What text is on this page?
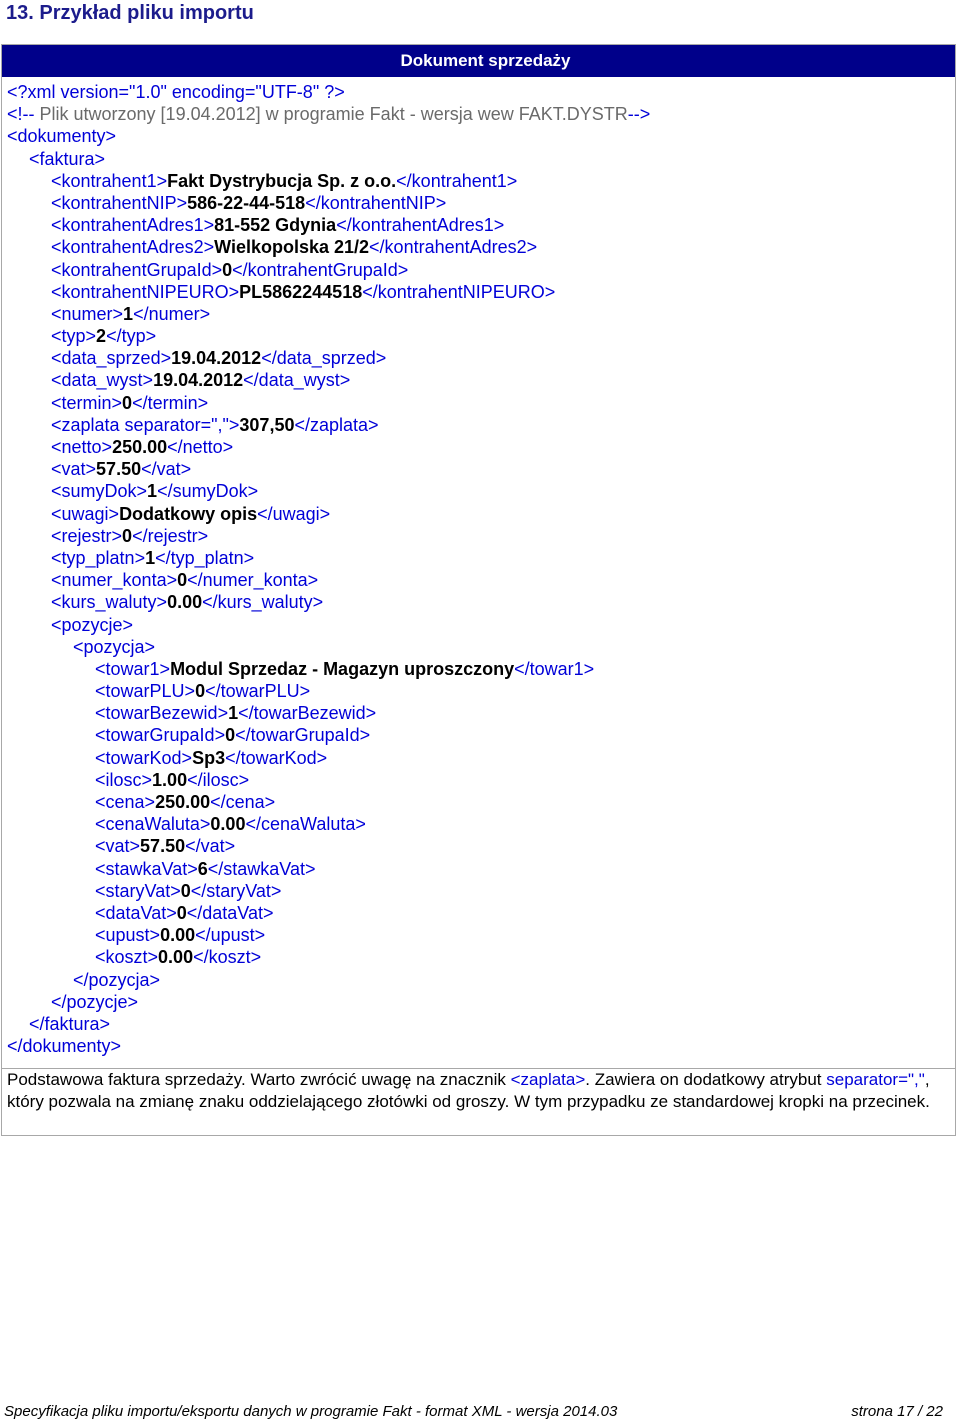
13. Przykład pliku importu
Dokument sprzedaży
<?xml version="1.0" encoding="UTF-8" ?>
<!-- Plik utworzony [19.04.2012] w programie Fakt - wersja wew FAKT.DYSTR-->
<dokumenty>
<faktura>
<kontrahent1>Fakt Dystrybucja Sp. z o.o.</kontrahent1>
<kontrahentNIP>586-22-44-518</kontrahentNIP>
<kontrahentAdres1>81-552 Gdynia</kontrahentAdres1>
<kontrahentAdres2>Wielkopolska 21/2</kontrahentAdres2>
<kontrahentGrupaId>0</kontrahentGrupaId>
<kontrahentNIPEURO>PL5862244518</kontrahentNIPEURO>
<numer>1</numer>
<typ>2</typ>
<data_sprzed>19.04.2012</data_sprzed>
<data_wyst>19.04.2012</data_wyst>
<termin>0</termin>
<zaplata separator=",">307,50</zaplata>
<netto>250.00</netto>
<vat>57.50</vat>
<sumyDok>1</sumyDok>
<uwagi>Dodatkowy opis</uwagi>
<rejestr>0</rejestr>
<typ_platn>1</typ_platn>
<numer_konta>0</numer_konta>
<kurs_waluty>0.00</kurs_waluty>
<pozycje>
<pozycja>
<towar1>Modul Sprzedaz - Magazyn uproszczony</towar1>
<towarPLU>0</towarPLU>
<towarBezewid>1</towarBezewid>
<towarGrupaId>0</towarGrupaId>
<towarKod>Sp3</towarKod>
<ilosc>1.00</ilosc>
<cena>250.00</cena>
<cenaWaluta>0.00</cenaWaluta>
<vat>57.50</vat>
<stawkaVat>6</stawkaVat>
<staryVat>0</staryVat>
<dataVat>0</dataVat>
<upust>0.00</upust>
<koszt>0.00</koszt>
</pozycja>
</pozycje>
</faktura>
</dokumenty>
Podstawowa faktura sprzedaży. Warto zwrócić uwagę na znacznik <zaplata>. Zawiera on dodatkowy atrybut separator=",", który pozwala na zmianę znaku oddzielającego złotówki od groszy. W tym przypadku ze standardowej kropki na przecinek.
Specyfikacja pliku importu/eksportu danych w programie Fakt - format XML - wersja 2014.03	strona 17 / 22
